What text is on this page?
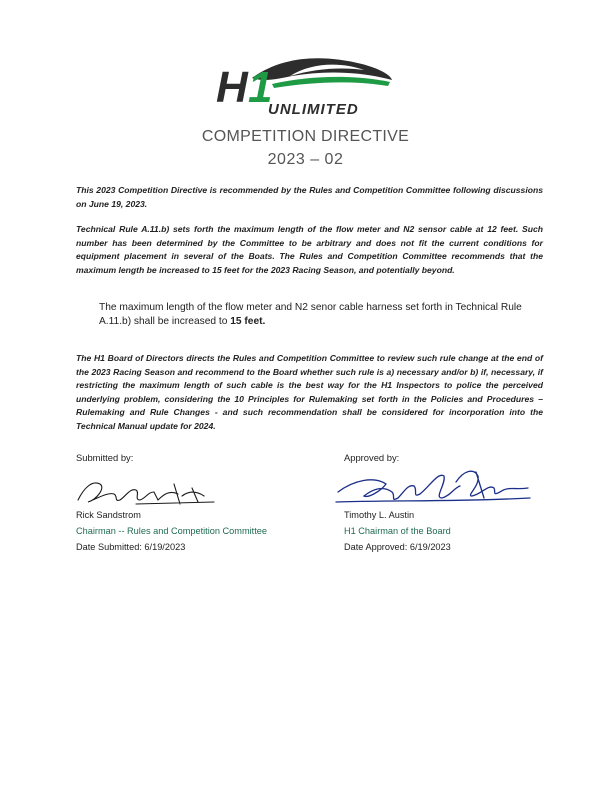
H 1
UNLIMITED
COMPETITION DIRECTIVE
2023 – 02

This 2023 Competition Directive is recommended by the Rules and Competition Committee following discussions on June 19, 2023.

Technical Rule A.11.b) sets forth the maximum length of the flow meter and N2 sensor cable at 12 feet. Such number has been determined by the Committee to be arbitrary and does not fit the current conditions for equipment placement in several of the Boats. The Rules and Competition Committee recommends that the maximum length be increased to 15 feet for the 2023 Racing Season, and potentially beyond.

The maximum length of the flow meter and N2 senor cable harness set forth in Technical Rule A.11.b) shall be increased to 15 feet.

The H1 Board of Directors directs the Rules and Competition Committee to review such rule change at the end of the 2023 Racing Season and recommend to the Board whether such rule is a) necessary and/or b) if, necessary, if restricting the maximum length of such cable is the best way for the H1 Inspectors to police the perceived underlying problem, considering the 10 Principles for Rulemaking set forth in the Policies and Procedures – Rulemaking and Rule Changes - and such recommendation shall be considered for incorporation into the Technical Manual update for 2024.

Submitted by:	Approved by:
Rick Sandstrom
Chairman -- Rules and Competition Committee
Date Submitted: 6/19/2023
Timothy L. Austin
H1 Chairman of the Board
Date Approved: 6/19/2023
